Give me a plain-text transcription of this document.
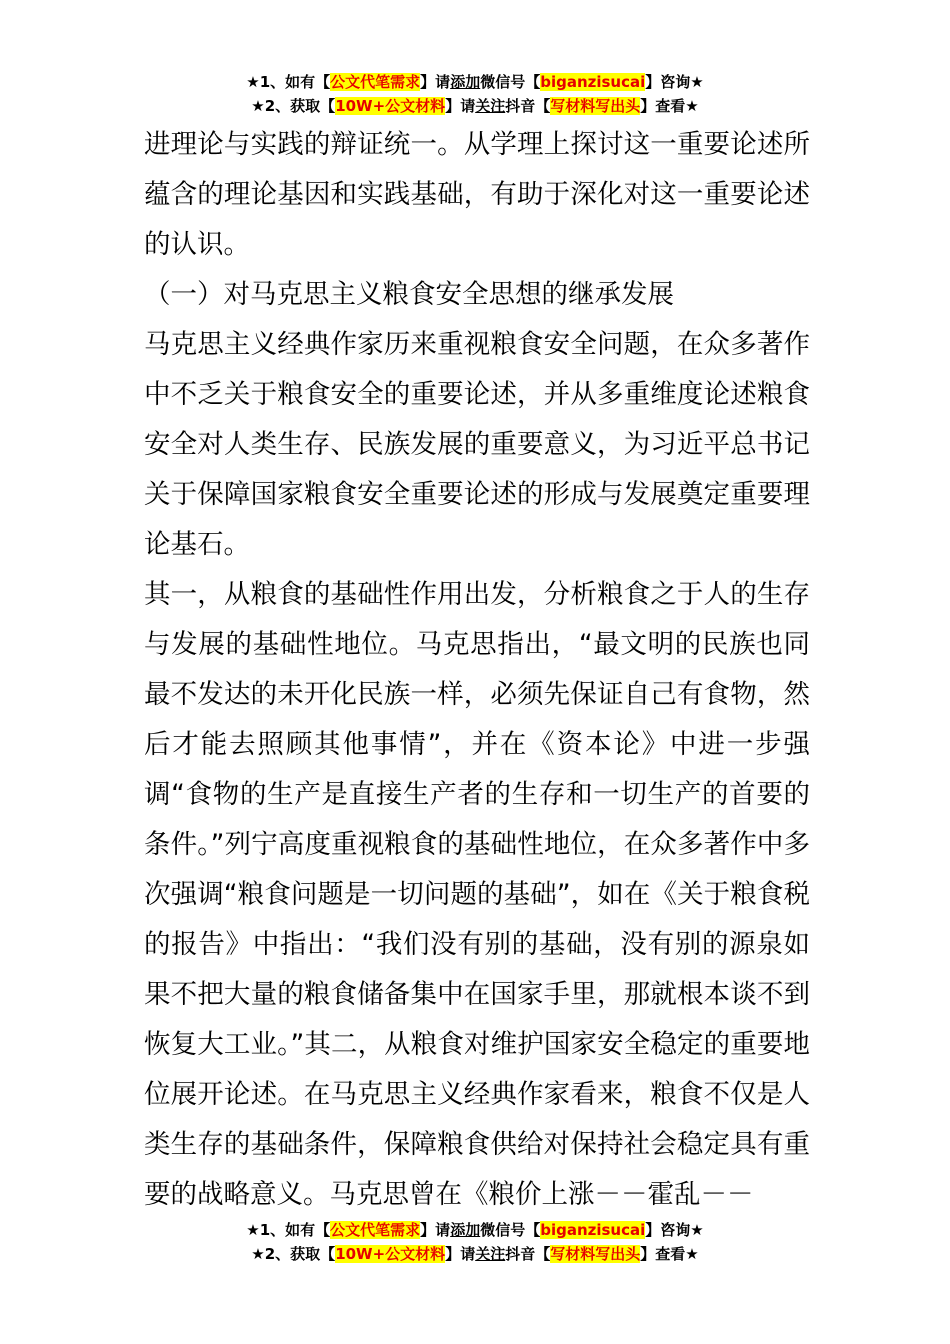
★1、如有【公文代笔需求】请添加微信号【biganzisucai】咨询★
★2、获取【10W+公文材料】请关注抖音【写材料写出头】查看★

进理论与实践的辩证统一。从学理上探讨这一重要论述所蕴含的理论基因和实践基础，有助于深化对这一重要论述的认识。

（一）对马克思主义粮食安全思想的继承发展

马克思主义经典作家历来重视粮食安全问题，在众多著作中不乏关于粮食安全的重要论述，并从多重维度论述粮食安全对人类生存、民族发展的重要意义，为习近平总书记关于保障国家粮食安全重要论述的形成与发展奠定重要理论基石。

其一，从粮食的基础性作用出发，分析粮食之于人的生存与发展的基础性地位。马克思指出，“最文明的民族也同最不发达的未开化民族一样，必须先保证自己有食物，然后才能去照顾其他事情”，并在《资本论》中进一步强调“食物的生产是直接生产者的生存和一切生产的首要的条件。”列宁高度重视粮食的基础性地位，在众多著作中多次强调“粮食问题是一切问题的基础”，如在《关于粮食税的报告》中指出：“我们没有别的基础，没有别的源泉如果不把大量的粮食储备集中在国家手里，那就根本谈不到恢复大工业。”其二，从粮食对维护国家安全稳定的重要地位展开论述。在马克思主义经典作家看来，粮食不仅是人类生存的基础条件，保障粮食供给对保持社会稳定具有重要的战略意义。马克思曾在《粮价上涨－－霍乱－－

★1、如有【公文代笔需求】请添加微信号【biganzisucai】咨询★
★2、获取【10W+公文材料】请关注抖音【写材料写出头】查看★
